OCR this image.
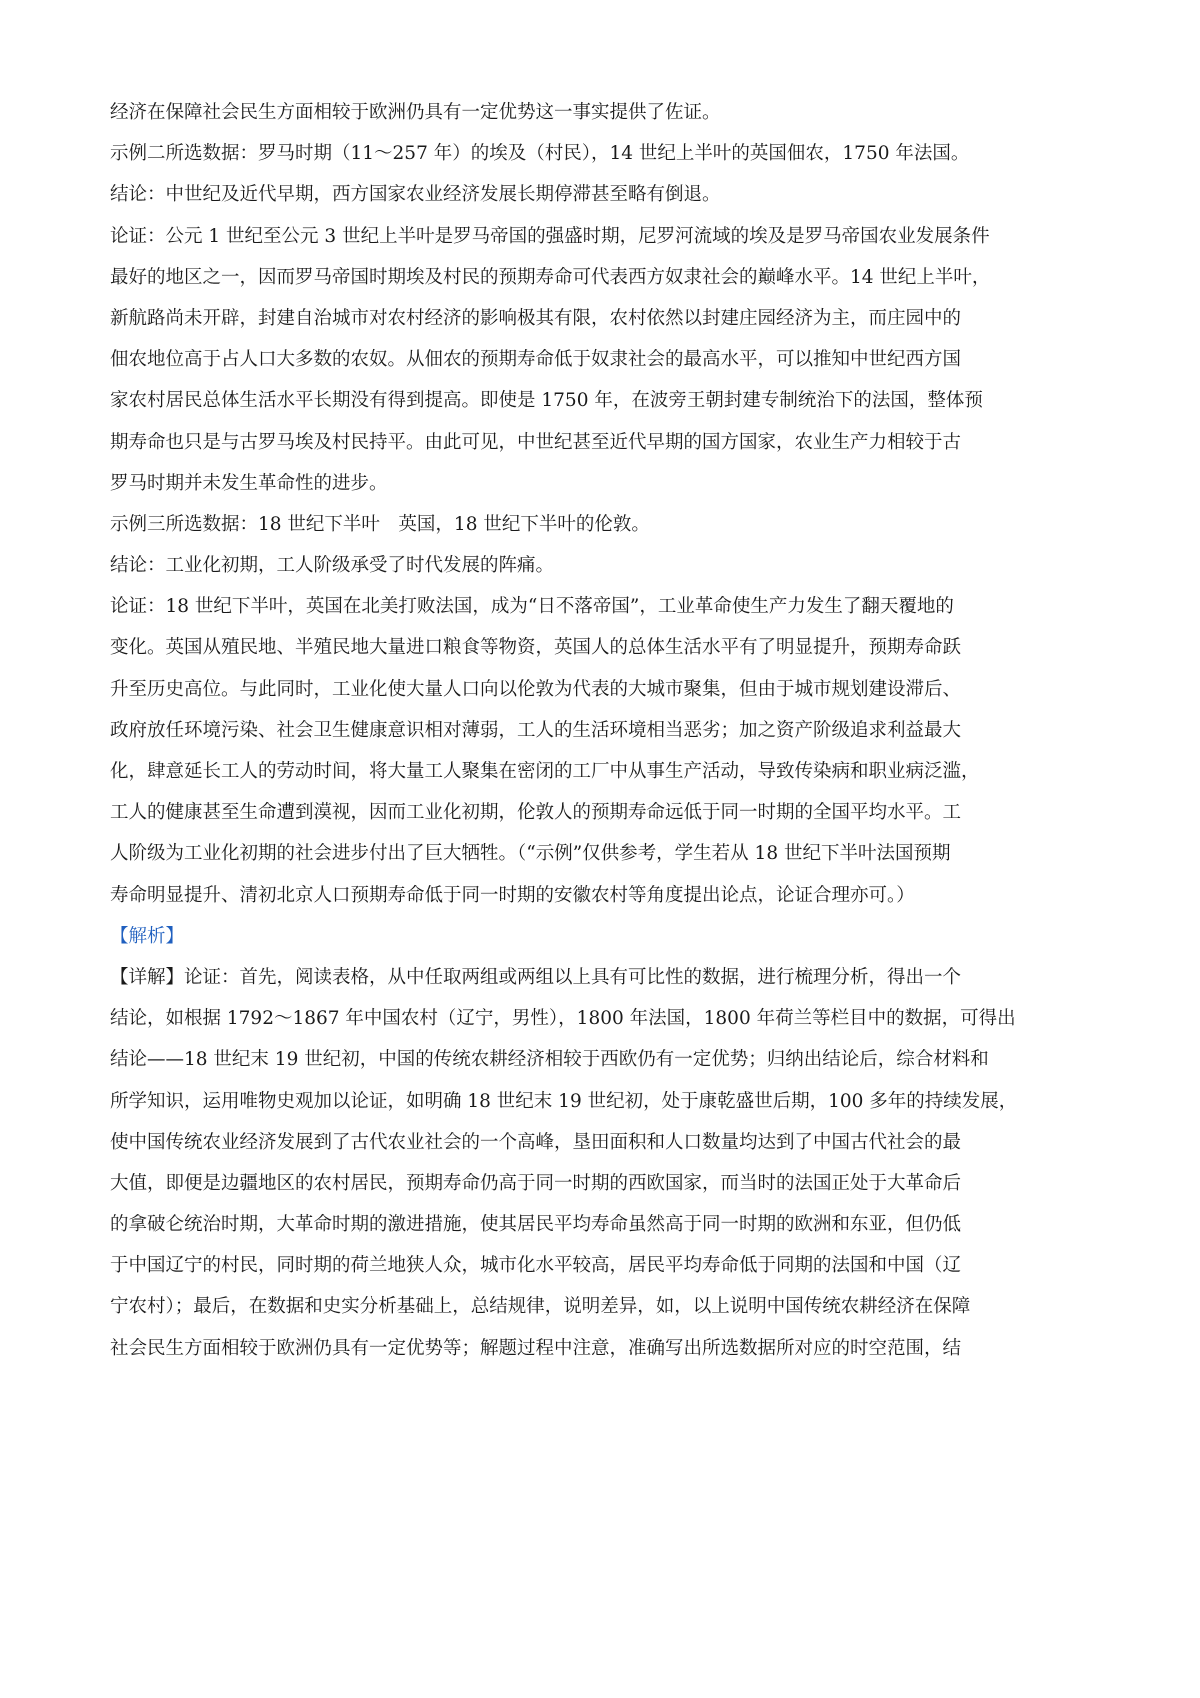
经济在保障社会民生方面相较于欧洲仍具有一定优势这一事实提供了佐证。

示例二所选数据：罗马时期（11～257 年）的埃及（村民），14 世纪上半叶的英国佃农，1750 年法国。

结论：中世纪及近代早期，西方国家农业经济发展长期停滞甚至略有倒退。

论证：公元 1 世纪至公元 3 世纪上半叶是罗马帝国的强盛时期，尼罗河流域的埃及是罗马帝国农业发展条件
最好的地区之一，因而罗马帝国时期埃及村民的预期寿命可代表西方奴隶社会的巅峰水平。14 世纪上半叶，
新航路尚未开辟，封建自治城市对农村经济的影响极其有限，农村依然以封建庄园经济为主，而庄园中的
佃农地位高于占人口大多数的农奴。从佃农的预期寿命低于奴隶社会的最高水平，可以推知中世纪西方国
家农村居民总体生活水平长期没有得到提高。即使是 1750 年，在波旁王朝封建专制统治下的法国，整体预
期寿命也只是与古罗马埃及村民持平。由此可见，中世纪甚至近代早期的国方国家，农业生产力相较于古
罗马时期并未发生革命性的进步。

示例三所选数据：18 世纪下半叶　英国，18 世纪下半叶的伦敦。

结论：工业化初期，工人阶级承受了时代发展的阵痛。

论证：18 世纪下半叶，英国在北美打败法国，成为“日不落帝国”，工业革命使生产力发生了翻天覆地的
变化。英国从殖民地、半殖民地大量进口粮食等物资，英国人的总体生活水平有了明显提升，预期寿命跃
升至历史高位。与此同时，工业化使大量人口向以伦敦为代表的大城市聚集，但由于城市规划建设滞后、
政府放任环境污染、社会卫生健康意识相对薄弱，工人的生活环境相当恶劣；加之资产阶级追求利益最大
化，肆意延长工人的劳动时间，将大量工人聚集在密闭的工厂中从事生产活动，导致传染病和职业病泛滥，
工人的健康甚至生命遭到漠视，因而工业化初期，伦敦人的预期寿命远低于同一时期的全国平均水平。工
人阶级为工业化初期的社会进步付出了巨大牺牲。（“示例”仅供参考，学生若从 18 世纪下半叶法国预期
寿命明显提升、清初北京人口预期寿命低于同一时期的安徽农村等角度提出论点，论证合理亦可。）

【解析】

【详解】论证：首先，阅读表格，从中任取两组或两组以上具有可比性的数据，进行梳理分析，得出一个
结论，如根据 1792～1867 年中国农村（辽宁，男性），1800 年法国，1800 年荷兰等栏目中的数据，可得出
结论——18 世纪末 19 世纪初，中国的传统农耕经济相较于西欧仍有一定优势；归纳出结论后，综合材料和
所学知识，运用唯物史观加以论证，如明确 18 世纪末 19 世纪初，处于康乾盛世后期，100 多年的持续发展，
使中国传统农业经济发展到了古代农业社会的一个高峰，垦田面积和人口数量均达到了中国古代社会的最
大值，即便是边疆地区的农村居民，预期寿命仍高于同一时期的西欧国家，而当时的法国正处于大革命后
的拿破仑统治时期，大革命时期的激进措施，使其居民平均寿命虽然高于同一时期的欧洲和东亚，但仍低
于中国辽宁的村民，同时期的荷兰地狭人众，城市化水平较高，居民平均寿命低于同期的法国和中国（辽
宁农村）；最后，在数据和史实分析基础上，总结规律，说明差异，如，以上说明中国传统农耕经济在保障
社会民生方面相较于欧洲仍具有一定优势等；解题过程中注意，准确写出所选数据所对应的时空范围，结
